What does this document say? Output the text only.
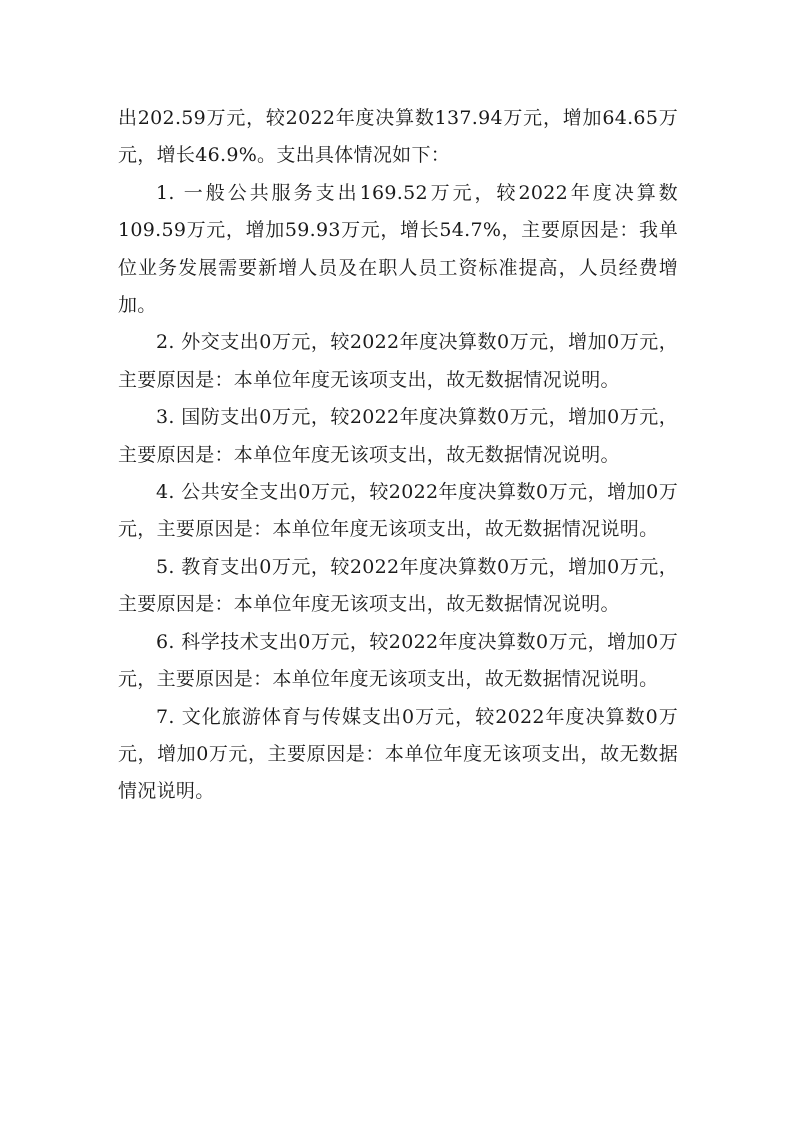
出202.59万元，较2022年度决算数137.94万元，增加64.65万元，增长46.9%。支出具体情况如下：

1. 一般公共服务支出169.52万元，较2022年度决算数109.59万元，增加59.93万元，增长54.7%，主要原因是：我单位业务发展需要新增人员及在职人员工资标准提高，人员经费增加。

2. 外交支出0万元，较2022年度决算数0万元，增加0万元，主要原因是：本单位年度无该项支出，故无数据情况说明。

3. 国防支出0万元，较2022年度决算数0万元，增加0万元，主要原因是：本单位年度无该项支出，故无数据情况说明。

4. 公共安全支出0万元，较2022年度决算数0万元，增加0万元，主要原因是：本单位年度无该项支出，故无数据情况说明。

5. 教育支出0万元，较2022年度决算数0万元，增加0万元，主要原因是：本单位年度无该项支出，故无数据情况说明。

6. 科学技术支出0万元，较2022年度决算数0万元，增加0万元，主要原因是：本单位年度无该项支出，故无数据情况说明。

7. 文化旅游体育与传媒支出0万元，较2022年度决算数0万元，增加0万元，主要原因是：本单位年度无该项支出，故无数据情况说明。
